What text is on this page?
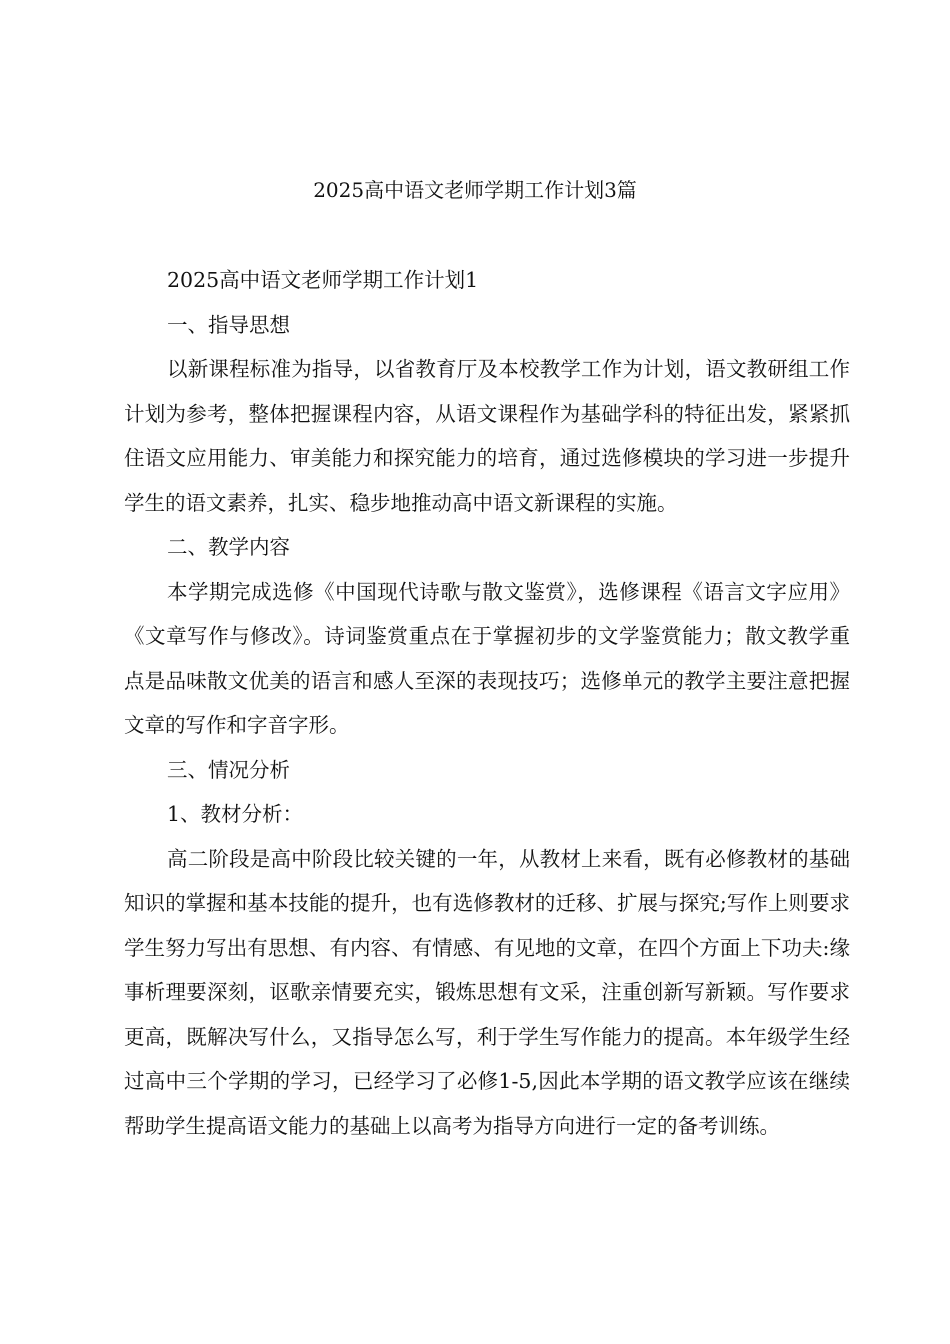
2025高中语文老师学期工作计划3篇

2025高中语文老师学期工作计划1

一、指导思想

以新课程标准为指导，以省教育厅及本校教学工作为计划，语文教研组工作计划为参考，整体把握课程内容，从语文课程作为基础学科的特征出发，紧紧抓住语文应用能力、审美能力和探究能力的培育，通过选修模块的学习进一步提升学生的语文素养，扎实、稳步地推动高中语文新课程的实施。

二、教学内容

本学期完成选修《中国现代诗歌与散文鉴赏》，选修课程《语言文字应用》《文章写作与修改》。诗词鉴赏重点在于掌握初步的文学鉴赏能力；散文教学重点是品味散文优美的语言和感人至深的表现技巧；选修单元的教学主要注意把握文章的写作和字音字形。

三、情况分析

1、教材分析：

高二阶段是高中阶段比较关键的一年，从教材上来看，既有必修教材的基础知识的掌握和基本技能的提升，也有选修教材的迁移、扩展与探究;写作上则要求学生努力写出有思想、有内容、有情感、有见地的文章，在四个方面上下功夫:缘事析理要深刻，讴歌亲情要充实，锻炼思想有文采，注重创新写新颖。写作要求更高，既解决写什么，又指导怎么写，利于学生写作能力的提高。本年级学生经过高中三个学期的学习，已经学习了必修1-5,因此本学期的语文教学应该在继续帮助学生提高语文能力的基础上以高考为指导方向进行一定的备考训练。
